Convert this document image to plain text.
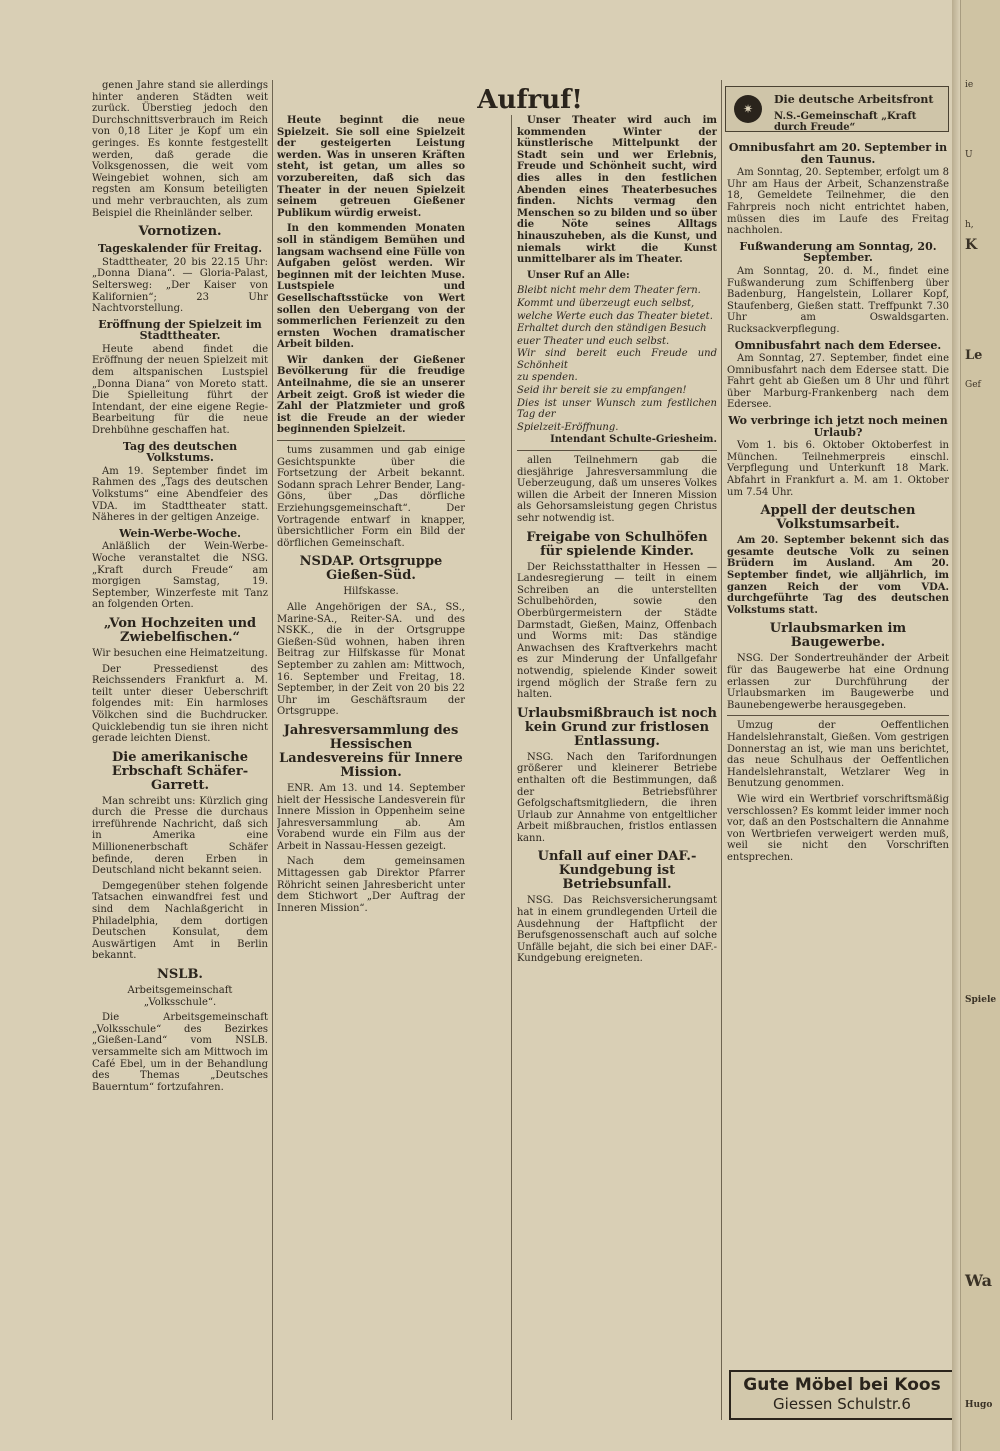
genen Jahre stand sie allerdings hinter anderen Städten weit zurück. Überstieg jedoch den Durchschnittsverbrauch im Reich von 0,18 Liter je Kopf um ein geringes. Es konnte festgestellt werden, daß gerade die Volksgenossen, die weit vom Weingebiet wohnen, sich am regsten am Konsum beteiligten und mehr verbrauchten, als zum Beispiel die Rheinländer selber.

Vornotizen.
Tageskalender für Freitag.

Stadttheater, 20 bis 22.15 Uhr: „Donna Diana“. — Gloria-Palast, Seltersweg: „Der Kaiser von Kalifornien“; 23 Uhr Nachtvorstellung.

Eröffnung der Spielzeit im Stadttheater.

Heute abend findet die Eröffnung der neuen Spielzeit mit dem altspanischen Lustspiel „Donna Diana“ von Moreto statt. Die Spielleitung führt der Intendant, der eine eigene Regie-Bearbeitung für die neue Drehbühne geschaffen hat.

Tag des deutschen Volkstums.

Am 19. September findet im Rahmen des „Tags des deutschen Volkstums“ eine Abendfeier des VDA. im Stadttheater statt. Näheres in der geltigen Anzeige.

Wein-Werbe-Woche.

Anläßlich der Wein-Werbe-Woche veranstaltet die NSG. „Kraft durch Freude“ am morgigen Samstag, 19. September, Winzerfeste mit Tanz an folgenden Orten.

„Von Hochzeiten und Zwiebelfischen.“

Wir besuchen eine Heimatzeitung.

Der Pressedienst des Reichssenders Frankfurt a. M. teilt unter dieser Ueberschrift folgendes mit: Ein harmloses Völkchen sind die Buchdrucker. Quicklebendig tun sie ihren nicht gerade leichten Dienst.

Die amerikanische Erbschaft Schäfer-Garrett.

Man schreibt uns: Kürzlich ging durch die Presse die durchaus irreführende Nachricht, daß sich in Amerika eine Millionenerbschaft Schäfer befinde, deren Erben in Deutschland nicht bekannt seien.

Demgegenüber stehen folgende Tatsachen einwandfrei fest und sind dem Nachlaßgericht in Philadelphia, dem dortigen Deutschen Konsulat, dem Auswärtigen Amt in Berlin bekannt.

NSLB.

Arbeitsgemeinschaft „Volksschule“.

Die Arbeitsgemeinschaft „Volksschule“ des Bezirkes „Gießen-Land“ vom NSLB. versammelte sich am Mittwoch im Café Ebel, um in der Behandlung des Themas „Deutsches Bauerntum“ fortzufahren.

Heute beginnt die neue Spielzeit. Sie soll eine Spielzeit der gesteigerten Leistung werden. Was in unseren Kräften steht, ist getan, um alles so vorzubereiten, daß sich das Theater in der neuen Spielzeit seinem getreuen Gießener Publikum würdig erweist.

In den kommenden Monaten soll in ständigem Bemühen und langsam wachsend eine Fülle von Aufgaben gelöst werden. Wir beginnen mit der leichten Muse. Lustspiele und Gesellschaftsstücke von Wert sollen den Uebergang von der sommerlichen Ferienzeit zu den ernsten Wochen dramatischer Arbeit bilden.

Wir danken der Gießener Bevölkerung für die freudige Anteilnahme, die sie an unserer Arbeit zeigt. Groß ist wieder die Zahl der Platzmieter und groß ist die Freude an der wieder beginnenden Spielzeit.

tums zusammen und gab einige Gesichtspunkte über die Fortsetzung der Arbeit bekannt. Sodann sprach Lehrer Bender, Lang-Göns, über „Das dörfliche Erziehungsgemeinschaft“. Der Vortragende entwarf in knapper, übersichtlicher Form ein Bild der dörflichen Gemeinschaft.

NSDAP. Ortsgruppe Gießen-Süd.

Hilfskasse.

Alle Angehörigen der SA., SS., Marine-SA., Reiter-SA. und des NSKK., die in der Ortsgruppe Gießen-Süd wohnen, haben ihren Beitrag zur Hilfskasse für Monat September zu zahlen am: Mittwoch, 16. September und Freitag, 18. September, in der Zeit von 20 bis 22 Uhr im Geschäftsraum der Ortsgruppe.

Jahresversammlung des Hessischen Landesvereins für Innere Mission.

ENR. Am 13. und 14. September hielt der Hessische Landesverein für Innere Mission in Oppenheim seine Jahresversammlung ab. Am Vorabend wurde ein Film aus der Arbeit in Nassau-Hessen gezeigt.

Nach dem gemeinsamen Mittagessen gab Direktor Pfarrer Röhricht seinen Jahresbericht unter dem Stichwort „Der Auftrag der Inneren Mission“.

Aufruf!

Unser Theater wird auch im kommenden Winter der künstlerische Mittelpunkt der Stadt sein und wer Erlebnis, Freude und Schönheit sucht, wird dies alles in den festlichen Abenden eines Theaterbesuches finden. Nichts vermag den Menschen so zu bilden und so über die Nöte seines Alltags hinauszuheben, als die Kunst, und niemals wirkt die Kunst unmittelbarer als im Theater.

Unser Ruf an Alle:

Bleibt nicht mehr dem Theater fern.

Kommt und überzeugt euch selbst,

welche Werte euch das Theater bietet.

Erhaltet durch den ständigen Besuch

euer Theater und euch selbst.

Wir sind bereit euch Freude und Schönheit

zu spenden.

Seid ihr bereit sie zu empfangen!

Dies ist unser Wunsch zum festlichen Tag der

Spielzeit-Eröffnung.

Intendant Schulte-Griesheim.

allen Teilnehmern gab die diesjährige Jahresversammlung die Ueberzeugung, daß um unseres Volkes willen die Arbeit der Inneren Mission als Gehorsamsleistung gegen Christus sehr notwendig ist.

Freigabe von Schulhöfen für spielende Kinder.

Der Reichsstatthalter in Hessen — Landesregierung — teilt in einem Schreiben an die unterstellten Schulbehörden, sowie den Oberbürgermeistern der Städte Darmstadt, Gießen, Mainz, Offenbach und Worms mit: Das ständige Anwachsen des Kraftverkehrs macht es zur Minderung der Unfallgefahr notwendig, spielende Kinder soweit irgend möglich der Straße fern zu halten.

Urlaubsmißbrauch ist noch kein Grund zur fristlosen Entlassung.

NSG. Nach den Tarifordnungen größerer und kleinerer Betriebe enthalten oft die Bestimmungen, daß der Betriebsführer Gefolgschaftsmitgliedern, die ihren Urlaub zur Annahme von entgeltlicher Arbeit mißbrauchen, fristlos entlassen kann.

Unfall auf einer DAF.-Kundgebung ist Betriebsunfall.

NSG. Das Reichsversicherungsamt hat in einem grundlegenden Urteil die Ausdehnung der Haftpflicht der Berufsgenossenschaft auch auf solche Unfälle bejaht, die sich bei einer DAF.-Kundgebung ereigneten.

✷
Die deutsche Arbeitsfront
N.S.-Gemeinschaft „Kraft durch Freude“
Omnibusfahrt am 20. September in den Taunus.

Am Sonntag, 20. September, erfolgt um 8 Uhr am Haus der Arbeit, Schanzenstraße 18, Gemeldete Teilnehmer, die den Fahrpreis noch nicht entrichtet haben, müssen dies im Laufe des Freitag nachholen.

Fußwanderung am Sonntag, 20. September.

Am Sonntag, 20. d. M., findet eine Fußwanderung zum Schiffenberg über Badenburg, Hangelstein, Lollarer Kopf, Staufenberg, Gießen statt. Treffpunkt 7.30 Uhr am Oswaldsgarten. Rucksackverpflegung.

Omnibusfahrt nach dem Edersee.

Am Sonntag, 27. September, findet eine Omnibusfahrt nach dem Edersee statt. Die Fahrt geht ab Gießen um 8 Uhr und führt über Marburg-Frankenberg nach dem Edersee.

Wo verbringe ich jetzt noch meinen Urlaub?

Vom 1. bis 6. Oktober Oktoberfest in München. Teilnehmerpreis einschl. Verpflegung und Unterkunft 18 Mark. Abfahrt in Frankfurt a. M. am 1. Oktober um 7.54 Uhr.

Appell der deutschen Volkstumsarbeit.

Am 20. September bekennt sich das gesamte deutsche Volk zu seinen Brüdern im Ausland. Am 20. September findet, wie alljährlich, im ganzen Reich der vom VDA. durchgeführte Tag des deutschen Volkstums statt.

Urlaubsmarken im Baugewerbe.

NSG. Der Sondertreuhänder der Arbeit für das Baugewerbe hat eine Ordnung erlassen zur Durchführung der Urlaubsmarken im Baugewerbe und Baunebengewerbe herausgegeben.

Umzug der Oeffentlichen Handelslehranstalt, Gießen. Vom gestrigen Donnerstag an ist, wie man uns berichtet, das neue Schulhaus der Oeffentlichen Handelslehranstalt, Wetzlarer Weg in Benutzung genommen.

Wie wird ein Wertbrief vorschriftsmäßig verschlossen? Es kommt leider immer noch vor, daß an den Postschaltern die Annahme von Wertbriefen verweigert werden muß, weil sie nicht den Vorschriften entsprechen.

Gute Möbel bei Koos
Giessen Schulstr.6
ie
U
h,
K
Le
Gef
Spiele
Wa
Hugo
